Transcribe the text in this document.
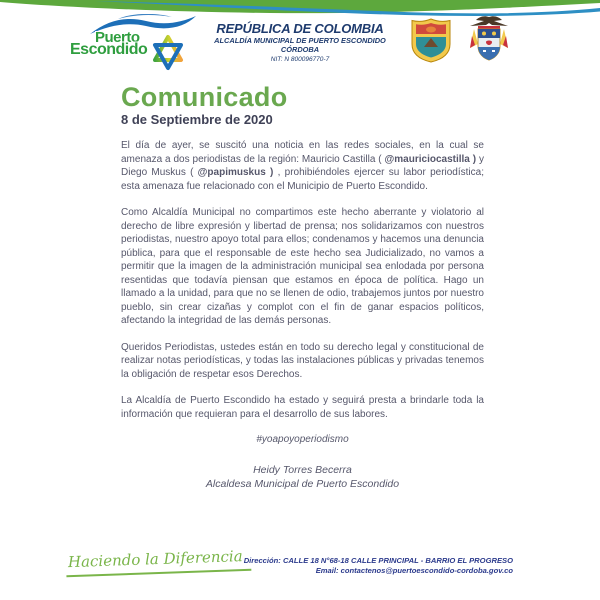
Puerto
Escondido
REPÚBLICA DE COLOMBIA
ALCALDÍA MUNICIPAL DE PUERTO ESCONDIDO
CÓRDOBA
NIT: N 800096770-7
Comunicado
8 de Septiembre de 2020

El día de ayer, se suscitó una noticia en las redes sociales, en la cual se amenaza a dos periodistas de la región: Mauricio Castilla ( @mauriciocastilla ) y Diego Muskus ( @papimuskus ) , prohibiéndoles ejercer su labor periodística; esta amenaza fue relacionado con el Municipio de Puerto Escondido.

Como Alcaldía Municipal no compartimos este hecho aberrante y violatorio al derecho de libre expresión y libertad de prensa; nos solidarizamos con nuestros periodistas, nuestro apoyo total para ellos; condenamos y hacemos una denuncia pública, para que el responsable de este hecho sea Judicializado, no vamos a permitir que la imagen de la administración municipal sea enlodada por persona resentidas que todavía piensan que estamos en época de política. Hago un llamado a la unidad, para que no se llenen de odio, trabajemos juntos por nuestro pueblo, sin crear cizañas y complot con el fin de ganar espacios políticos, afectando la integridad de las demás personas.

Queridos Periodistas, ustedes están en todo su derecho legal y constitucional de realizar notas periodísticas, y todas las instalaciones públicas y privadas tenemos la obligación de respetar esos Derechos.

La Alcaldía de Puerto Escondido ha estado y seguirá presta a brindarle toda la información que requieran para el desarrollo de sus labores.

#yoapoyoperiodismo
Heidy Torres Becerra
Alcaldesa Municipal de Puerto Escondido
Haciendo la Diferencia Dirección: CALLE 18 N°68-18 CALLE PRINCIPAL - BARRIO EL PROGRESO
Email: contactenos@puertoescondido-cordoba.gov.co
